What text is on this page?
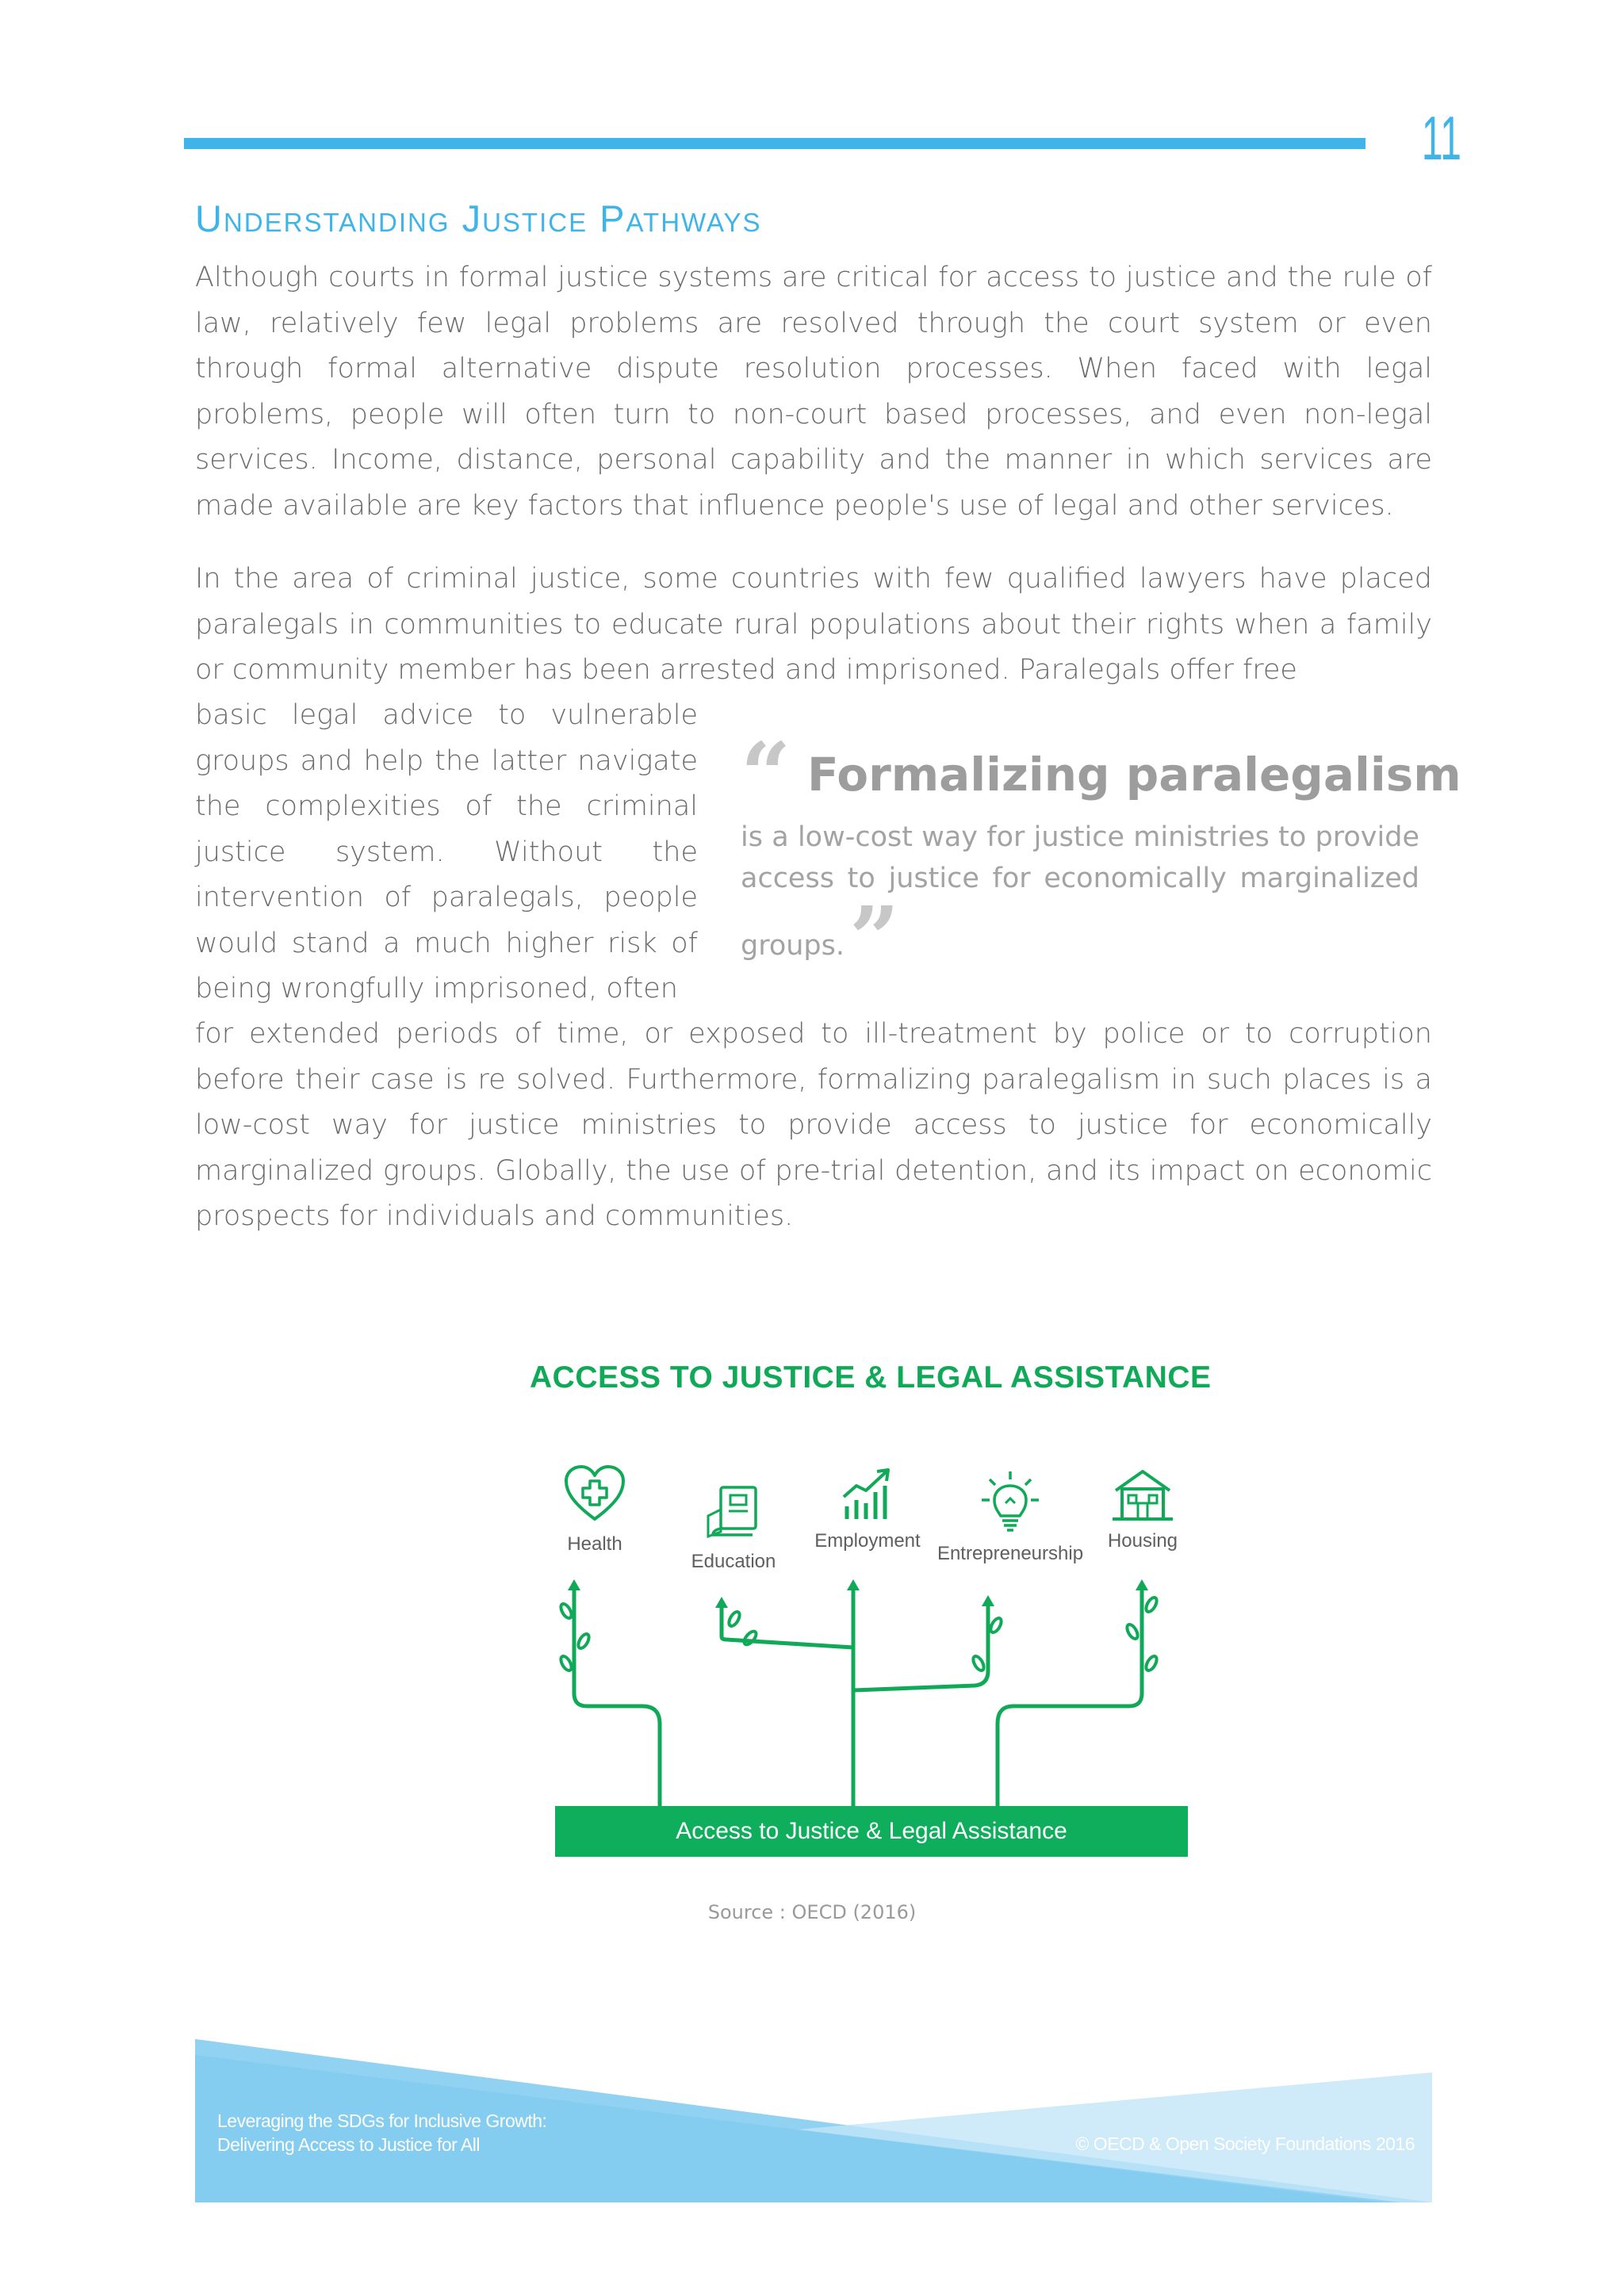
11
Understanding Justice Pathways

Although courts in formal justice systems are critical for access to justice and the rule of law, relatively few legal problems are resolved through the court system or even through formal alternative dispute resolution processes. When faced with legal problems, people will often turn to non-court based processes, and even non-legal services. Income, distance, personal capability and the manner in which services are made available are key factors that influence people's use of legal and other services.

In the area of criminal justice, some countries with few qualified lawyers have placed paralegals in communities to educate rural populations about their rights when a family or community member has been arrested and imprisoned. Paralegals offer free

basic legal advice to vulnerable groups and help the latter navigate the complexities of the criminal justice system. Without the intervention of paralegals, people would stand a much higher risk of being wrongfully imprisoned, often

for extended periods of time, or exposed to ill-treatment by police or to corruption before their case is re solved. Furthermore, formalizing paralegalism in such places is a low-cost way for justice ministries to provide access to justice for economically marginalized groups. Globally, the use of pre-trial detention, and its impact on economic prospects for individuals and communities.

“ Formalizing paralegalism

is a low-cost way for justice ministries to provide access to justice for economically marginalized groups.”

ACCESS TO JUSTICE & LEGAL ASSISTANCE
Health
Education
Employment
Entrepreneurship
Housing
Access to Justice & Legal Assistance
Source : OECD (2016)

Leveraging the SDGs for Inclusive Growth:
Delivering Access to Justice for All	© OECD & Open Society Foundations 2016
